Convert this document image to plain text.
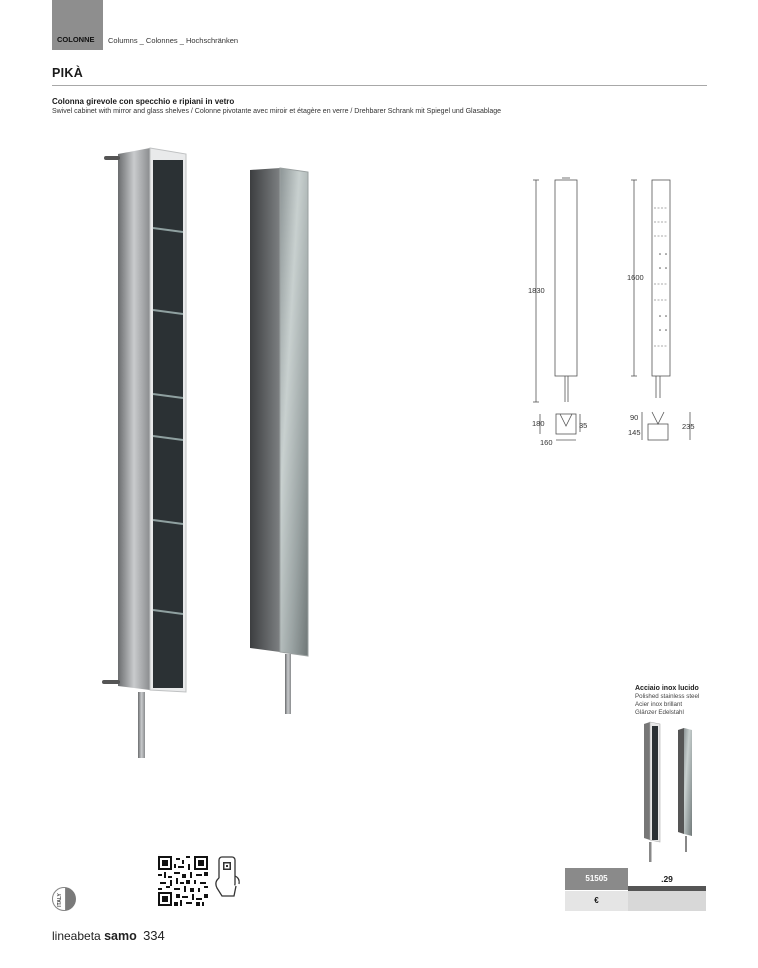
COLONNE Columns _ Colonnes _ Hochschränken
PIKÀ
Colonna girevole con specchio e ripiani in vetro
Swivel cabinet with mirror and glass shelves / Colonne pivotante avec miroir et étagère en verre / Drehbarer Schrank mit Spiegel und Glasablage
1830
1600
180
160
35
90
145
235
Acciaio inox lucido
Polished stainless steel
Acier inox brillant
Glänzer Edelstahl
51505	.29
€
ITALY
lineabeta samo 334
